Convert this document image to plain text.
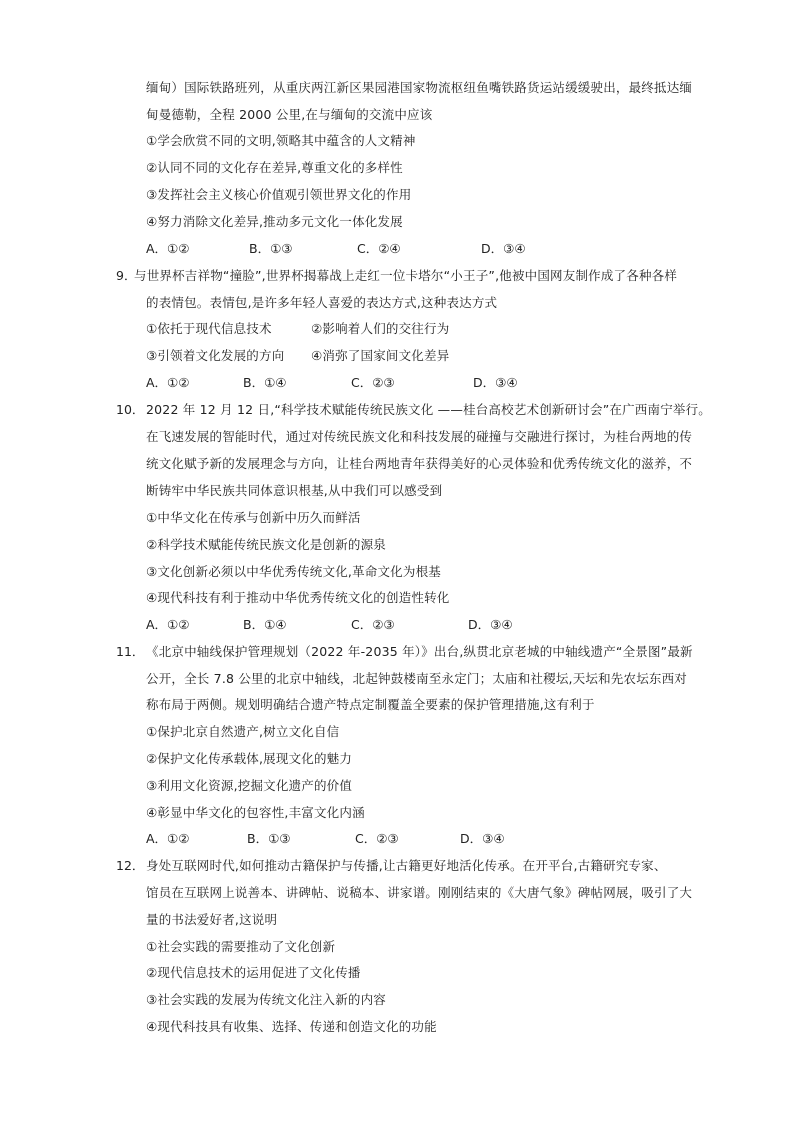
缅甸）国际铁路班列，从重庆两江新区果园港国家物流枢纽鱼嘴铁路货运站缓缓驶出，最终抵达缅
甸曼德勒，全程 2000 公里,在与缅甸的交流中应该
①学会欣赏不同的文明,领略其中蕴含的人文精神
②认同不同的文化存在差异,尊重文化的多样性
③发挥社会主义核心价值观引领世界文化的作用
④努力消除文化差异,推动多元文化一体化发展
A．①②	B．①③	C．②④	D．③④
9．
与世界杯吉祥物“撞脸”,世界杯揭幕战上走红一位卡塔尔“小王子”,他被中国网友制作成了各种各样
的表情包。表情包,是许多年轻人喜爱的表达方式,这种表达方式
①依托于现代信息技术	②影响着人们的交往行为
③引领着文化发展的方向 ④消弥了国家间文化差异
A．①②	B．①④	C．②③	D．③④
10． 2022 年 12 月 12 日,“科学技术赋能传统民族文化 ——桂台高校艺术创新研讨会”在广西南宁举行。
在飞速发展的智能时代，通过对传统民族文化和科技发展的碰撞与交融进行探讨，为桂台两地的传
统文化赋予新的发展理念与方向，让桂台两地青年获得美好的心灵体验和优秀传统文化的滋养，不
断铸牢中华民族共同体意识根基,从中我们可以感受到
①中华文化在传承与创新中历久而鲜活
②科学技术赋能传统民族文化是创新的源泉
③文化创新必须以中华优秀传统文化,革命文化为根基
④现代科技有利于推动中华优秀传统文化的创造性转化
A．①②	B．①④	C．②③	D．③④
11． 《北京中轴线保护管理规划（2022 年-2035 年）》出台,纵贯北京老城的中轴线遗产“全景图”最新
公开，全长 7.8 公里的北京中轴线，北起钟鼓楼南至永定门；太庙和社稷坛,天坛和先农坛东西对
称布局于两侧。规划明确结合遗产特点定制覆盖全要素的保护管理措施,这有利于
①保护北京自然遗产,树立文化自信
②保护文化传承载体,展现文化的魅力
③利用文化资源,挖掘文化遗产的价值
④彰显中华文化的包容性,丰富文化内涵
A．①②	B．①③	C．②③	D．③④
12． 身处互联网时代,如何推动古籍保护与传播,让古籍更好地活化传承。在开平台,古籍研究专家、
馆员在互联网上说善本、讲碑帖、说稿本、讲家谱。刚刚结束的《大唐气象》碑帖网展，吸引了大
量的书法爱好者,这说明
①社会实践的需要推动了文化创新
②现代信息技术的运用促进了文化传播
③社会实践的发展为传统文化注入新的内容
④现代科技具有收集、选择、传递和创造文化的功能
